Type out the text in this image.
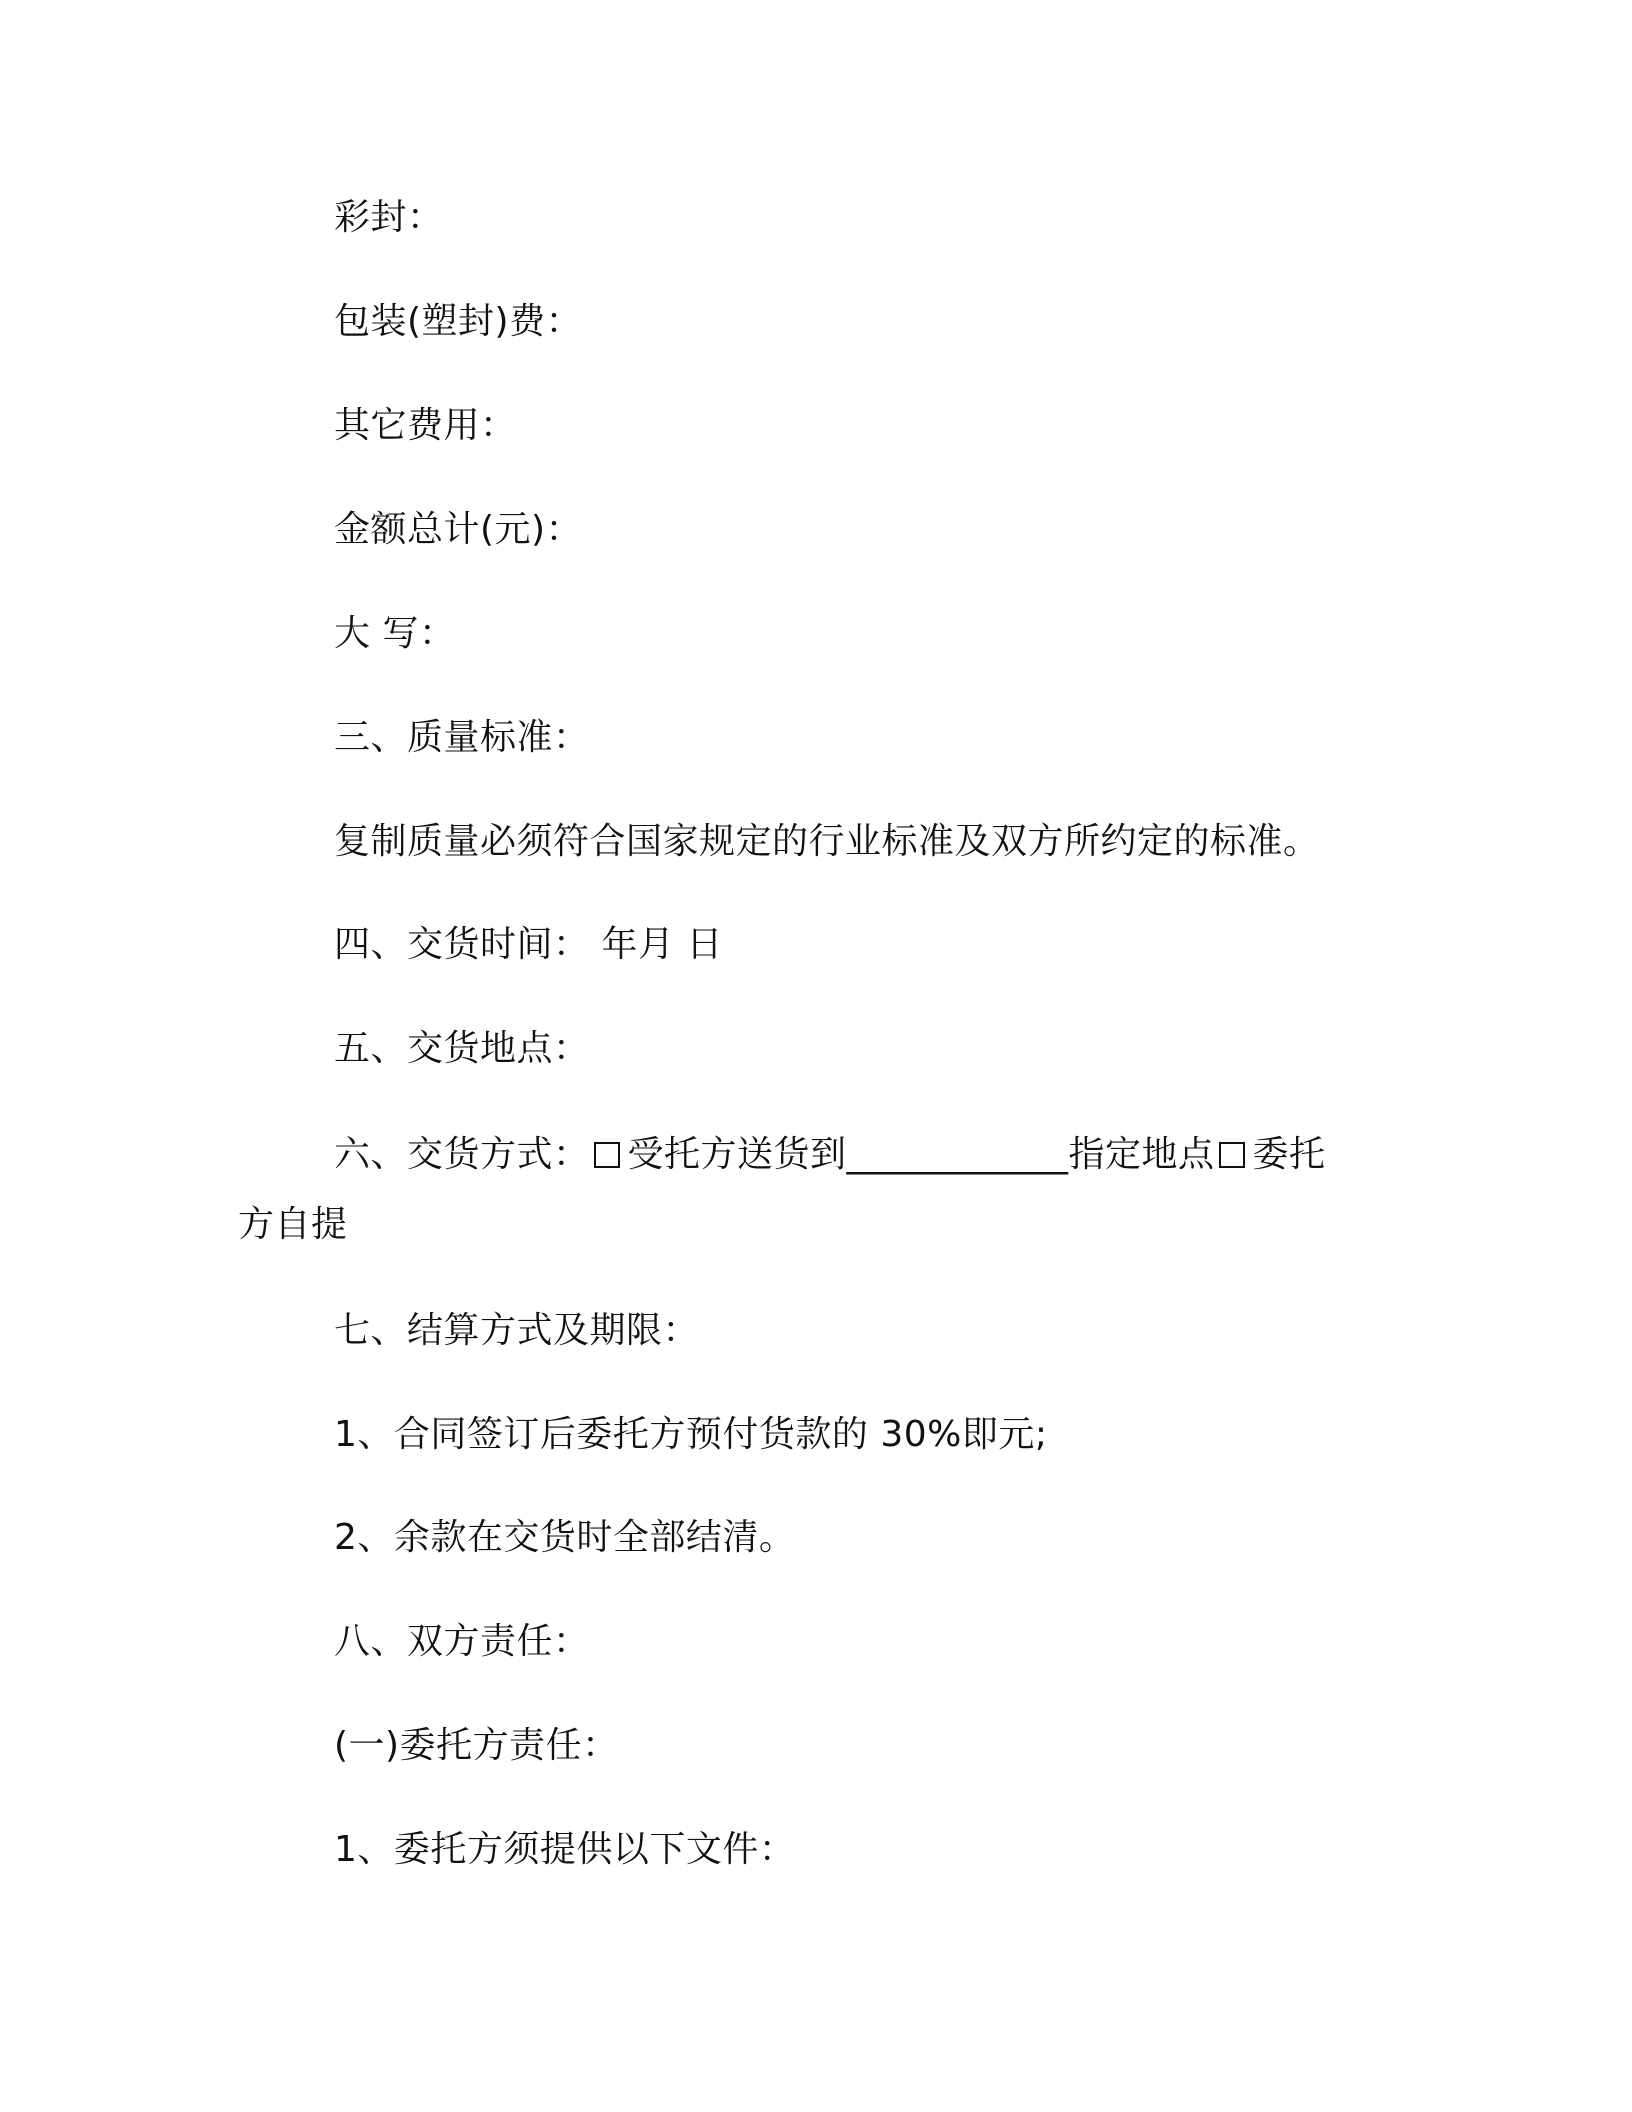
彩封：
包装(塑封)费：
其它费用：
金额总计(元)：
大 写：
三、质量标准：
复制质量必须符合国家规定的行业标准及双方所约定的标准。
四、交货时间： 年月 日
五、交货地点：
六、交货方式： 受托方送货到____________指定地点 委托
方自提
七、结算方式及期限：
1、合同签订后委托方预付货款的 30%即元;
2、余款在交货时全部结清。
八、双方责任：
(一)委托方责任：
1、委托方须提供以下文件：
